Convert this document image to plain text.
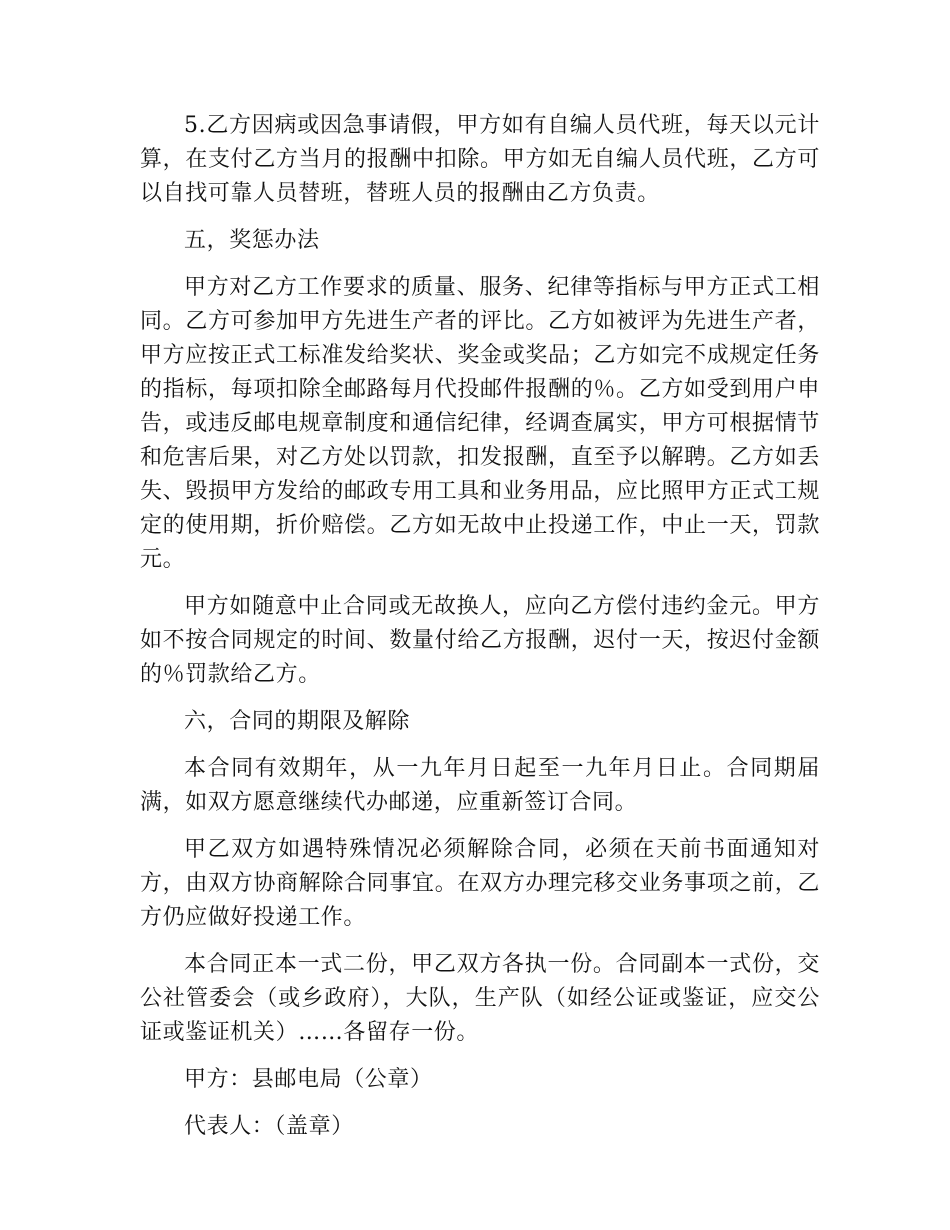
5.乙方因病或因急事请假，甲方如有自编人员代班，每天以元计算，在支付乙方当月的报酬中扣除。甲方如无自编人员代班，乙方可以自找可靠人员替班，替班人员的报酬由乙方负责。

五，奖惩办法

甲方对乙方工作要求的质量、服务、纪律等指标与甲方正式工相同。乙方可参加甲方先进生产者的评比。乙方如被评为先进生产者，甲方应按正式工标准发给奖状、奖金或奖品；乙方如完不成规定任务的指标，每项扣除全邮路每月代投邮件报酬的％。乙方如受到用户申告，或违反邮电规章制度和通信纪律，经调查属实，甲方可根据情节和危害后果，对乙方处以罚款，扣发报酬，直至予以解聘。乙方如丢失、毁损甲方发给的邮政专用工具和业务用品，应比照甲方正式工规定的使用期，折价赔偿。乙方如无故中止投递工作，中止一天，罚款元。

甲方如随意中止合同或无故换人，应向乙方偿付违约金元。甲方如不按合同规定的时间、数量付给乙方报酬，迟付一天，按迟付金额的％罚款给乙方。

六，合同的期限及解除

本合同有效期年，从一九年月日起至一九年月日止。合同期届满，如双方愿意继续代办邮递，应重新签订合同。

甲乙双方如遇特殊情况必须解除合同，必须在天前书面通知对方，由双方协商解除合同事宜。在双方办理完移交业务事项之前，乙方仍应做好投递工作。

本合同正本一式二份，甲乙双方各执一份。合同副本一式份，交公社管委会（或乡政府），大队，生产队（如经公证或鉴证，应交公证或鉴证机关）……各留存一份。

甲方：县邮电局（公章）

代表人：（盖章）
